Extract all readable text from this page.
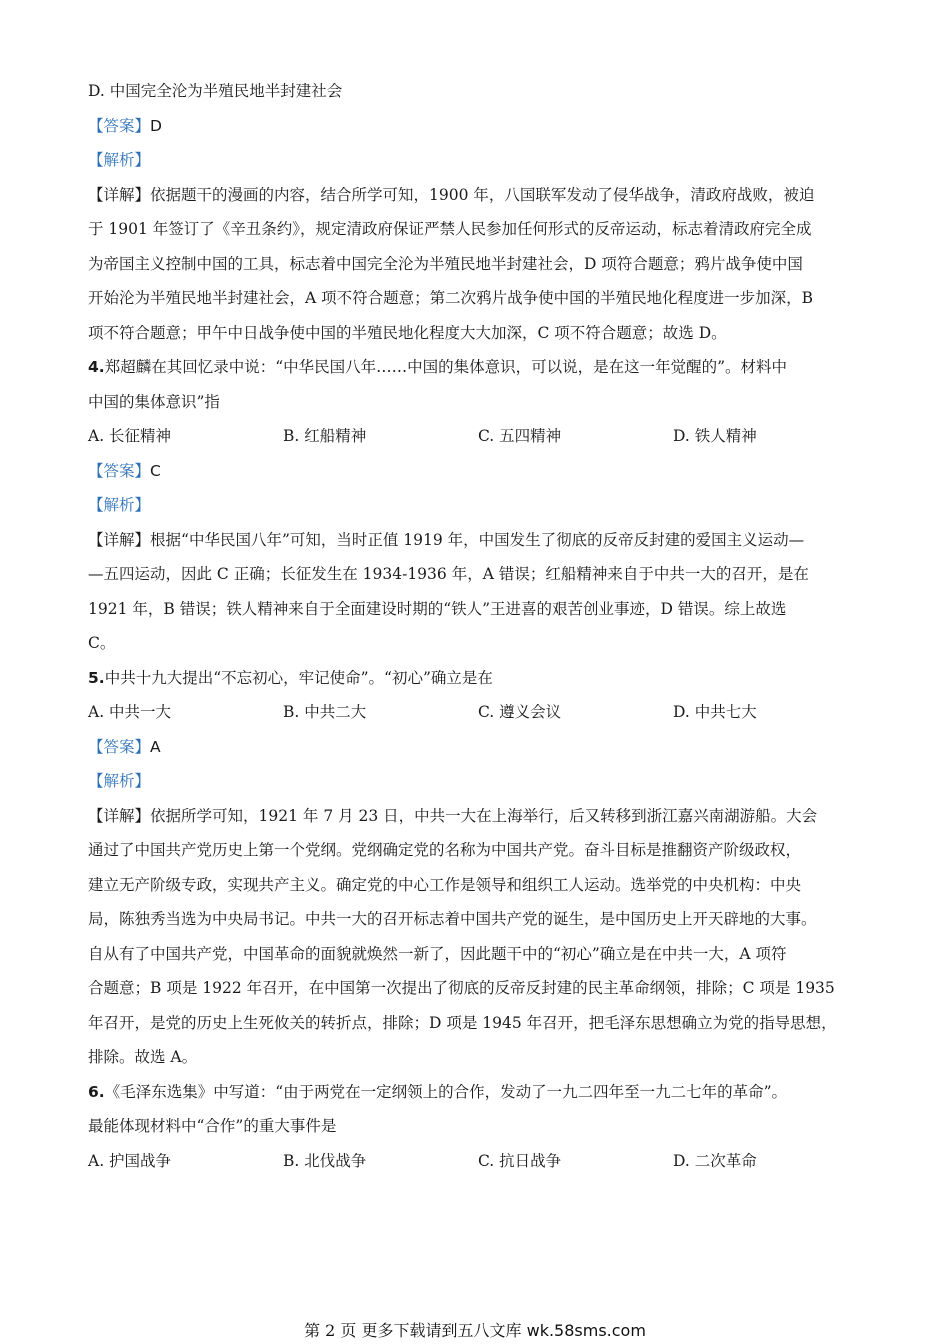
D. 中国完全沦为半殖民地半封建社会
【答案】D
【解析】
【详解】依据题干的漫画的内容，结合所学可知，1900 年，八国联军发动了侵华战争，清政府战败，被迫
于 1901 年签订了《辛丑条约》，规定清政府保证严禁人民参加任何形式的反帝运动，标志着清政府完全成
为帝国主义控制中国的工具，标志着中国完全沦为半殖民地半封建社会，D 项符合题意；鸦片战争使中国
开始沦为半殖民地半封建社会，A 项不符合题意；第二次鸦片战争使中国的半殖民地化程度进一步加深，B
项不符合题意；甲午中日战争使中国的半殖民地化程度大大加深，C 项不符合题意；故选 D。
4.郑超麟在其回忆录中说：“中华民国八年……中国的集体意识，可以说，是在这一年觉醒的”。材料中
中国的集体意识”指
A. 长征精神	B. 红船精神	C. 五四精神	D. 铁人精神
【答案】C
【解析】
【详解】根据“中华民国八年”可知，当时正值 1919 年，中国发生了彻底的反帝反封建的爱国主义运动—
—五四运动，因此 C 正确；长征发生在 1934-1936 年，A 错误；红船精神来自于中共一大的召开，是在
1921 年，B 错误；铁人精神来自于全面建设时期的“铁人”王进喜的艰苦创业事迹，D 错误。综上故选
C。
5.中共十九大提出“不忘初心，牢记使命”。“初心”确立是在
A. 中共一大	B. 中共二大	C. 遵义会议	D. 中共七大
【答案】A
【解析】
【详解】依据所学可知，1921 年 7 月 23 日，中共一大在上海举行，后又转移到浙江嘉兴南湖游船。大会
通过了中国共产党历史上第一个党纲。党纲确定党的名称为中国共产党。奋斗目标是推翻资产阶级政权，
建立无产阶级专政，实现共产主义。确定党的中心工作是领导和组织工人运动。选举党的中央机构：中央
局，陈独秀当选为中央局书记。中共一大的召开标志着中国共产党的诞生，是中国历史上开天辟地的大事。
自从有了中国共产党，中国革命的面貌就焕然一新了，因此题干中的“初心”确立是在中共一大，A 项符
合题意；B 项是 1922 年召开，在中国第一次提出了彻底的反帝反封建的民主革命纲领，排除；C 项是 1935
年召开，是党的历史上生死攸关的转折点，排除；D 项是 1945 年召开，把毛泽东思想确立为党的指导思想，
排除。故选 A。
6.《毛泽东选集》中写道：“由于两党在一定纲领上的合作，发动了一九二四年至一九二七年的革命”。
最能体现材料中“合作”的重大事件是
A. 护国战争	B. 北伐战争	C. 抗日战争	D. 二次革命
第 2 页 更多下载请到五八文库 wk.58sms.com
